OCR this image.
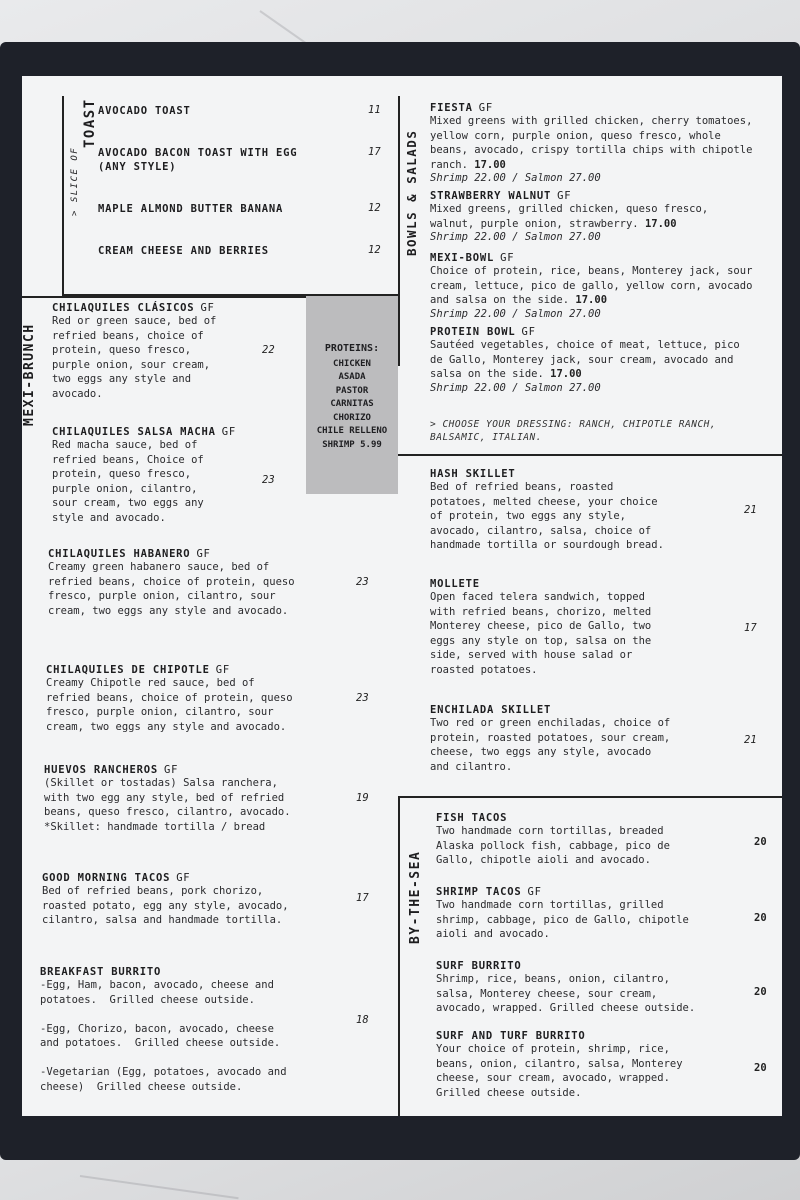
> SLICE OF
TOAST AVOCADO TOAST	11
AVOCADO BACON TOAST WITH EGG
(ANY STYLE)
17
MAPLE ALMOND BUTTER BANANA	12
CREAM CHEESE AND BERRIES	12
MEXI-BRUNCH	PROTEINS:
CHICKEN
ASADA
PASTOR
CARNITAS
CHORIZO
CHILE RELLENO
SHRIMP 5.99
CHILAQUILES CLÁSICOS GF
Red or green sauce, bed of
refried beans, choice of
protein, queso fresco,
purple onion, sour cream,
two eggs any style and
avocado.
22
CHILAQUILES SALSA MACHA GF
Red macha sauce, bed of
refried beans, Choice of
protein, queso fresco,
purple onion, cilantro,
sour cream, two eggs any
style and avocado.
23
CHILAQUILES HABANERO GF
Creamy green habanero sauce, bed of
refried beans, choice of protein, queso
fresco, purple onion, cilantro, sour
cream, two eggs any style and avocado.
23
CHILAQUILES DE CHIPOTLE GF
Creamy Chipotle red sauce, bed of
refried beans, choice of protein, queso
fresco, purple onion, cilantro, sour
cream, two eggs any style and avocado.
23
HUEVOS RANCHEROS GF
(Skillet or tostadas) Salsa ranchera,
with two egg any style, bed of refried
beans, queso fresco, cilantro, avocado.
*Skillet: handmade tortilla / bread
19
GOOD MORNING TACOS GF
Bed of refried beans, pork chorizo,
roasted potato, egg any style, avocado,
cilantro, salsa and handmade tortilla.
17
BREAKFAST BURRITO
-Egg, Ham, bacon, avocado, cheese and
potatoes.  Grilled cheese outside.

-Egg, Chorizo, bacon, avocado, cheese
and potatoes.  Grilled cheese outside.

-Vegetarian (Egg, potatoes, avocado and
cheese)  Grilled cheese outside.
18
BOWLS & SALADS
FIESTA GF
Mixed greens with grilled chicken, cherry tomatoes,
yellow corn, purple onion, queso fresco, whole
beans, avocado, crispy tortilla chips with chipotle
ranch. 17.00
Shrimp 22.00 / Salmon 27.00
STRAWBERRY WALNUT GF
Mixed greens, grilled chicken, queso fresco,
walnut, purple onion, strawberry. 17.00
Shrimp 22.00 / Salmon 27.00
MEXI-BOWL GF
Choice of protein, rice, beans, Monterey jack, sour
cream, lettuce, pico de gallo, yellow corn, avocado
and salsa on the side. 17.00
Shrimp 22.00 / Salmon 27.00
PROTEIN BOWL GF
Sautéed vegetables, choice of meat, lettuce, pico
de Gallo, Monterey jack, sour cream, avocado and
salsa on the side. 17.00
Shrimp 22.00 / Salmon 27.00
> CHOOSE YOUR DRESSING: RANCH, CHIPOTLE RANCH,
BALSAMIC, ITALIAN.
HASH SKILLET
Bed of refried beans, roasted
potatoes, melted cheese, your choice
of protein, two eggs any style,
avocado, cilantro, salsa, choice of
handmade tortilla or sourdough bread.
21
MOLLETE
Open faced telera sandwich, topped
with refried beans, chorizo, melted
Monterey cheese, pico de Gallo, two
eggs any style on top, salsa on the
side, served with house salad or
roasted potatoes.
17
ENCHILADA SKILLET
Two red or green enchiladas, choice of
protein, roasted potatoes, sour cream,
cheese, two eggs any style, avocado
and cilantro.
21
BY-THE-SEA
FISH TACOS
Two handmade corn tortillas, breaded
Alaska pollock fish, cabbage, pico de
Gallo, chipotle aioli and avocado.
20
SHRIMP TACOS GF
Two handmade corn tortillas, grilled
shrimp, cabbage, pico de Gallo, chipotle
aioli and avocado.
20
SURF BURRITO
Shrimp, rice, beans, onion, cilantro,
salsa, Monterey cheese, sour cream,
avocado, wrapped. Grilled cheese outside.
20
SURF AND TURF BURRITO
Your choice of protein, shrimp, rice,
beans, onion, cilantro, salsa, Monterey
cheese, sour cream, avocado, wrapped.
Grilled cheese outside.
20
